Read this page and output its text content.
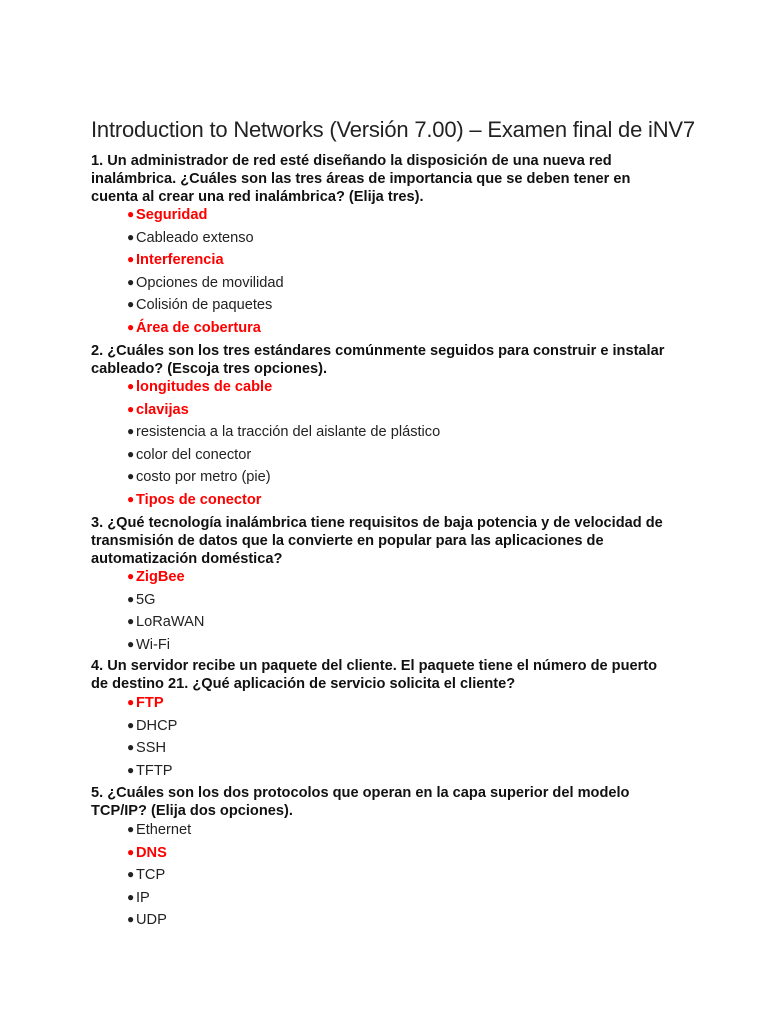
Introduction to Networks (Versión 7.00) – Examen final de iNV7

1. Un administrador de red esté diseñando la disposición de una nueva red inalámbrica. ¿Cuáles son las tres áreas de importancia que se deben tener en cuenta al crear una red inalámbrica? (Elija tres).

● Seguridad
● Cableado extenso
● Interferencia
● Opciones de movilidad
● Colisión de paquetes
● Área de cobertura

2. ¿Cuáles son los tres estándares comúnmente seguidos para construir e instalar cableado? (Escoja tres opciones).

● longitudes de cable
● clavijas
● resistencia a la tracción del aislante de plástico
● color del conector
● costo por metro (pie)
● Tipos de conector

3. ¿Qué tecnología inalámbrica tiene requisitos de baja potencia y de velocidad de transmisión de datos que la convierte en popular para las aplicaciones de automatización doméstica?

● ZigBee
● 5G
● LoRaWAN
● Wi-Fi

4. Un servidor recibe un paquete del cliente. El paquete tiene el número de puerto de destino 21. ¿Qué aplicación de servicio solicita el cliente?

● FTP
● DHCP
● SSH
● TFTP

5. ¿Cuáles son los dos protocolos que operan en la capa superior del modelo TCP/IP? (Elija dos opciones).

● Ethernet
● DNS
● TCP
● IP
● UDP
